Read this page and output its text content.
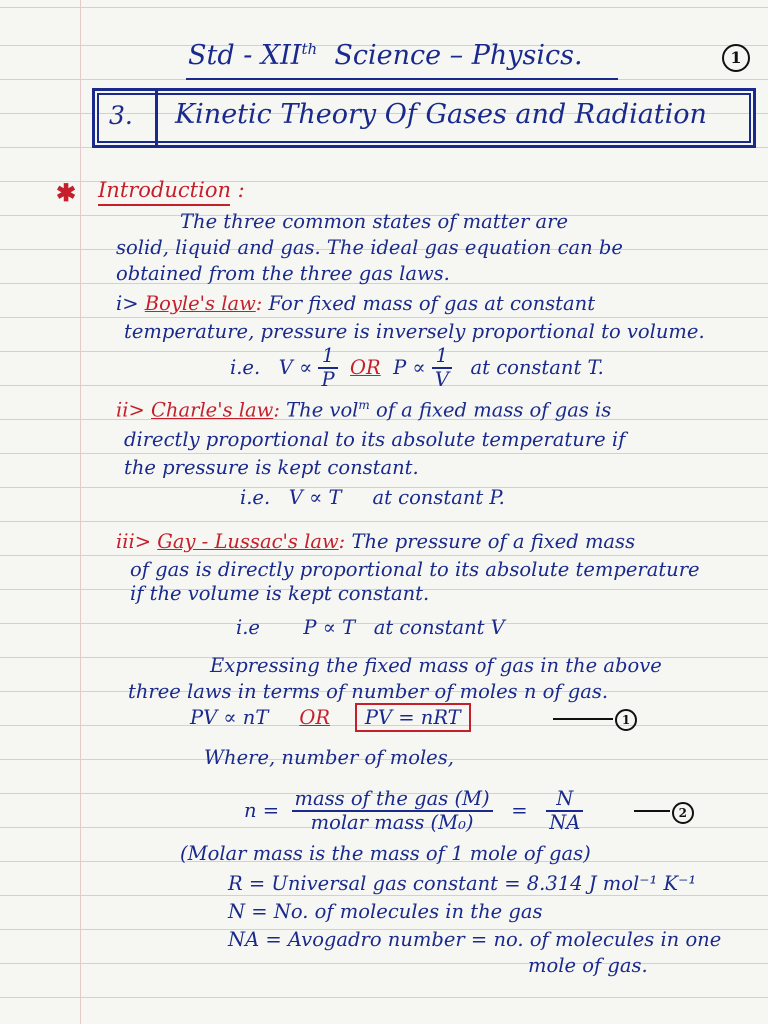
Std - XIIth Science – Physics.	1
3. Kinetic Theory Of Gases and Radiation
✱ Introduction :
The three common states of matter are
solid, liquid and gas. The ideal gas equation can be
obtained from the three gas laws.
i> Boyle's law: For fixed mass of gas at constant
temperature, pressure is inversely proportional to volume.
i.e. $V \propto \frac{1}{P}$ OR $P \propto \frac{1}{V}$ at constant T.
ii> Charle's law: The vol$^m$ of a fixed mass of gas is
directly proportional to its absolute temperature if
the pressure is kept constant.
i.e. V ∝ T at constant P.
iii> Gay - Lussac's law: The pressure of a fixed mass
of gas is directly proportional to its absolute temperature
if the volume is kept constant.
i.e P ∝ T at constant V
Expressing the fixed mass of gas in the above
three laws in terms of number of moles n of gas.
PV ∝ nT OR PV = nRT	1
Where, number of moles,
$n = \frac{\text{mass of the gas (M)}}{\text{molar mass (M₀)}} = \frac{N}{NA}$	2
(Molar mass is the mass of 1 mole of gas)
R = Universal gas constant = 8.314 J mol⁻¹ K⁻¹
N = No. of molecules in the gas
NA = Avogadro number = no. of molecules in one
mole of gas.
